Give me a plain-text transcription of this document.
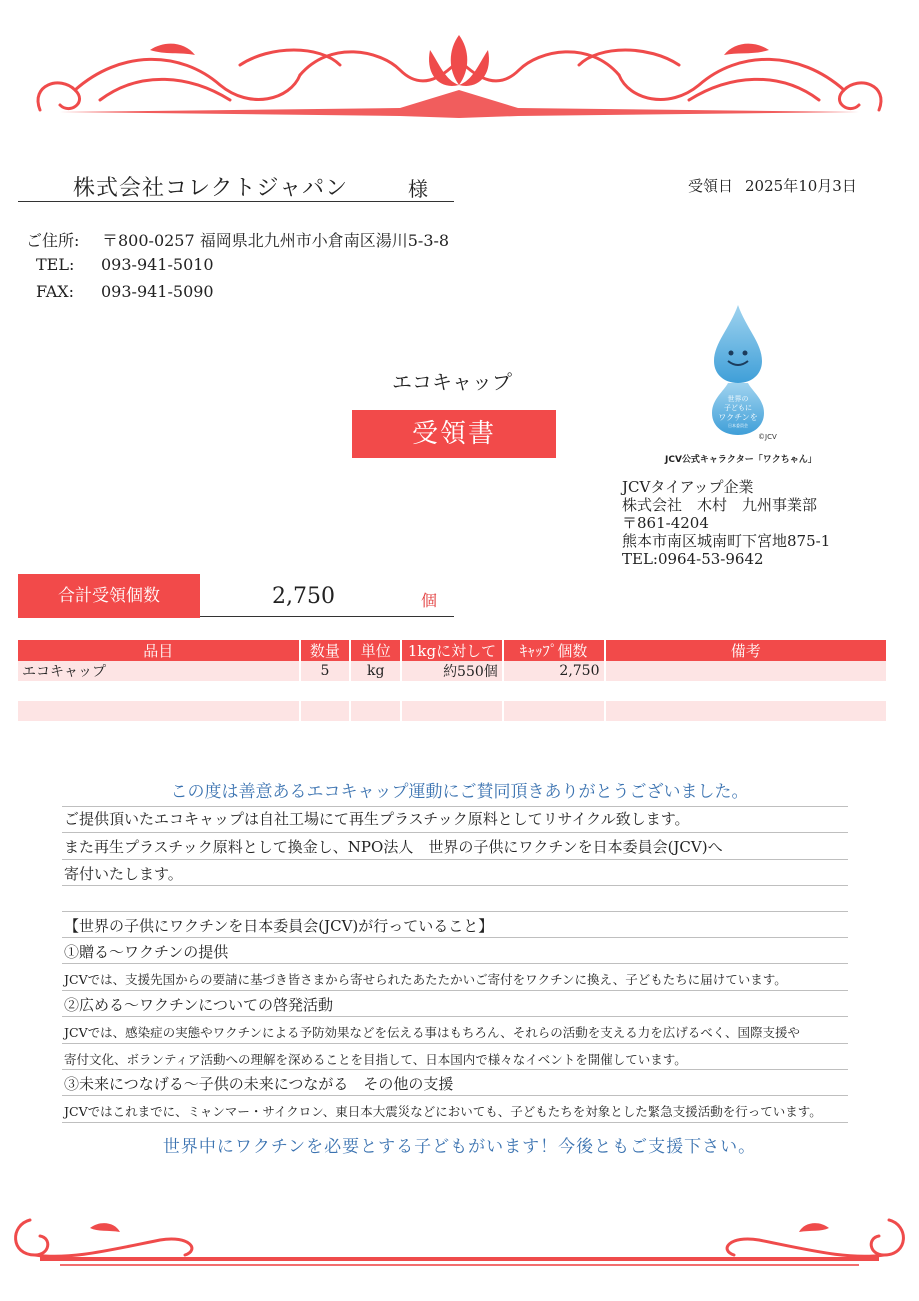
株式会社コレクトジャパン	様	受領日 2025年10月3日
ご住所: 〒800-0257 福岡県北九州市小倉南区湯川5-3-8
TEL: 093-941-5010
FAX: 093-941-5090
エコキャップ
受領書
世界の
子どもに
ワクチンを
日本委員会
©JCV
JCV公式キャラクター「ワクちゃん」
JCVタイアップ企業
株式会社　木村　九州事業部
〒861-4204
熊本市南区城南町下宮地875-1
TEL:0964-53-9642
合計受領個数	2,750	個
品目	数量	単位	1kgに対して	ｷｬｯﾌﾟ個数	備考
エコキャップ	5	kg	約550個	2,750	

この度は善意あるエコキャップ運動にご賛同頂きありがとうございました。
ご提供頂いたエコキャップは自社工場にて再生プラスチック原料としてリサイクル致します。
また再生プラスチック原料として換金し、NPO法人　世界の子供にワクチンを日本委員会(JCV)へ
寄付いたします。
【世界の子供にワクチンを日本委員会(JCV)が行っていること】
①贈る～ワクチンの提供
JCVでは、支援先国からの要請に基づき皆さまから寄せられたあたたかいご寄付をワクチンに換え、子どもたちに届けています。
②広める～ワクチンについての啓発活動
JCVでは、感染症の実態やワクチンによる予防効果などを伝える事はもちろん、それらの活動を支える力を広げるべく、国際支援や
寄付文化、ボランティア活動への理解を深めることを目指して、日本国内で様々なイベントを開催しています。
③未来につなげる～子供の未来につながる　その他の支援
JCVではこれまでに、ミャンマー・サイクロン、東日本大震災などにおいても、子どもたちを対象とした緊急支援活動を行っています。
世界中にワクチンを必要とする子どもがいます！今後ともご支援下さい。
